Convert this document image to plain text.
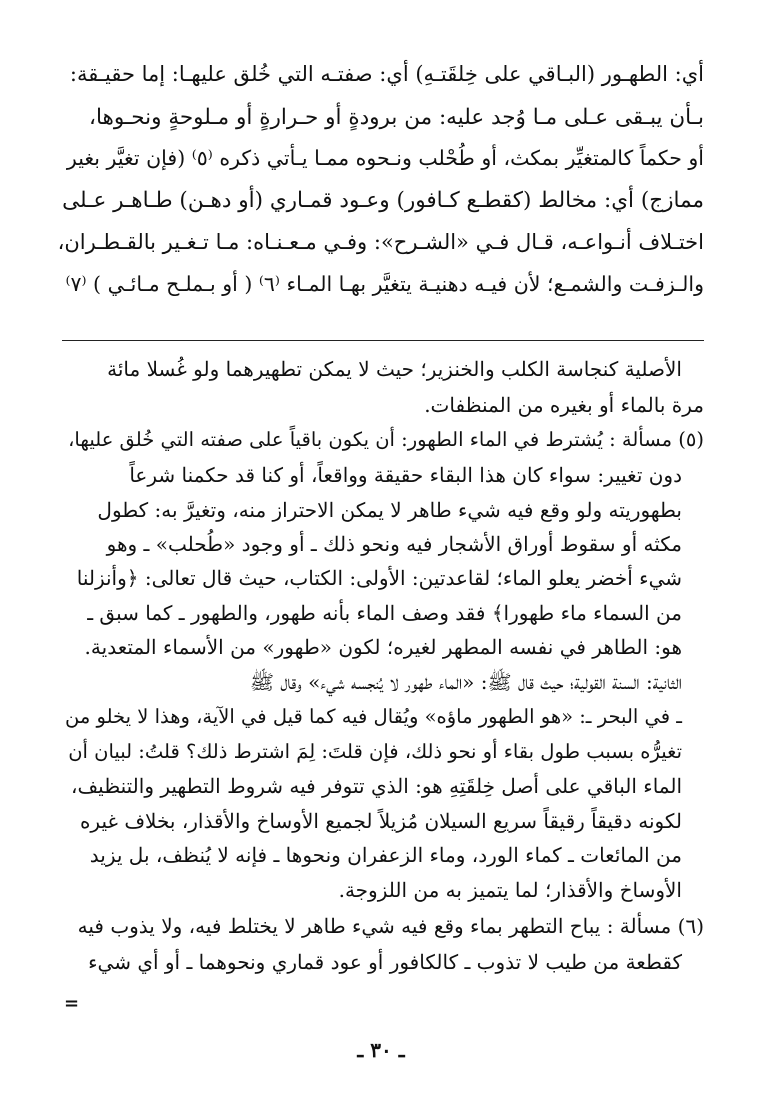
أي: الطهـور (البـاقي على خِلقَتـهِ) أي: صفتـه التي خُلق عليهـا: إما حقيـقة:
بـأن يبـقى عـلى مـا وُجد عليه: من برودةٍ أو حـرارةٍ أو مـلوحةٍ ونحـوها،
أو حكماً كالمتغيِّر بمكث، أو طُحْلب ونـحوه ممـا يـأتي ذكره ⁽٥⁾ (فإن تغيَّر بغير
ممازج) أي: مخالط (كقطـع كـافور) وعـود قمـاري (أو دهـن) طـاهـر عـلى
اختـلاف أنـواعـه، قـال فـي «الشـرح»: وفـي مـعـنـاه: مـا تـغـير بالقـطـران،
والـزفـت والشمـع؛ لأن فيـه دهنيـة يتغيَّر بهـا المـاء ⁽٦⁾ ( أو بـملـح مـائـي ) ⁽٧⁾
الأصلية كنجاسة الكلب والخنزير؛ حيث لا يمكن تطهيرهما ولو غُسلا مائة
مرة بالماء أو بغيره من المنظفات.
(٥) مسألة : يُشترط في الماء الطهور: أن يكون باقياً على صفته التي خُلق عليها،
دون تغيير: سواء كان هذا البقاء حقيقة وواقعاً، أو كنا قد حكمنا شرعاً
بطهوريته ولو وقع فيه شيء طاهر لا يمكن الاحتراز منه، وتغيرَّ به: كطول
مكثه أو سقوط أوراق الأشجار فيه ونحو ذلك ـ أو وجود «طُحلب» ـ وهو
شيء أخضر يعلو الماء؛ لقاعدتين: الأولى: الكتاب، حيث قال تعالى: ﴿وأنزلنا
من السماء ماء طهورا﴾ فقد وصف الماء بأنه طهور، والطهور ـ كما سبق ـ
هو: الطاهر في نفسه المطهر لغيره؛ لكون «طهور» من الأسماء المتعدية.
الثانية: السنة القولية؛ حيث قال ﷺ: «الماء طهور لا يُنجسه شيء» وقال ﷺ
ـ في البحر ـ: «هو الطهور ماؤه» ويُقال فيه كما قيل في الآية، وهذا لا يخلو من
تغيرُّه بسبب طول بقاء أو نحو ذلك، فإن قلتَ: لِمَ اشترط ذلك؟ قلتُ: لبيان أن
الماء الباقي على أصل خِلقَتِهِ هو: الذي تتوفر فيه شروط التطهير والتنظيف،
لكونه دقيقاً رقيقاً سريع السيلان مُزيلاً لجميع الأوساخ والأقذار، بخلاف غيره
من المائعات ـ كماء الورد، وماء الزعفران ونحوها ـ فإنه لا يُنظف، بل يزيد
الأوساخ والأقذار؛ لما يتميز به من اللزوجة.
(٦) مسألة : يباح التطهر بماء وقع فيه شيء طاهر لا يختلط فيه، ولا يذوب فيه
كقطعة من طيب لا تذوب ـ كالكافور أو عود قماري ونحوهما ـ أو أي شيء
=
ـ ٣٠ ـ
